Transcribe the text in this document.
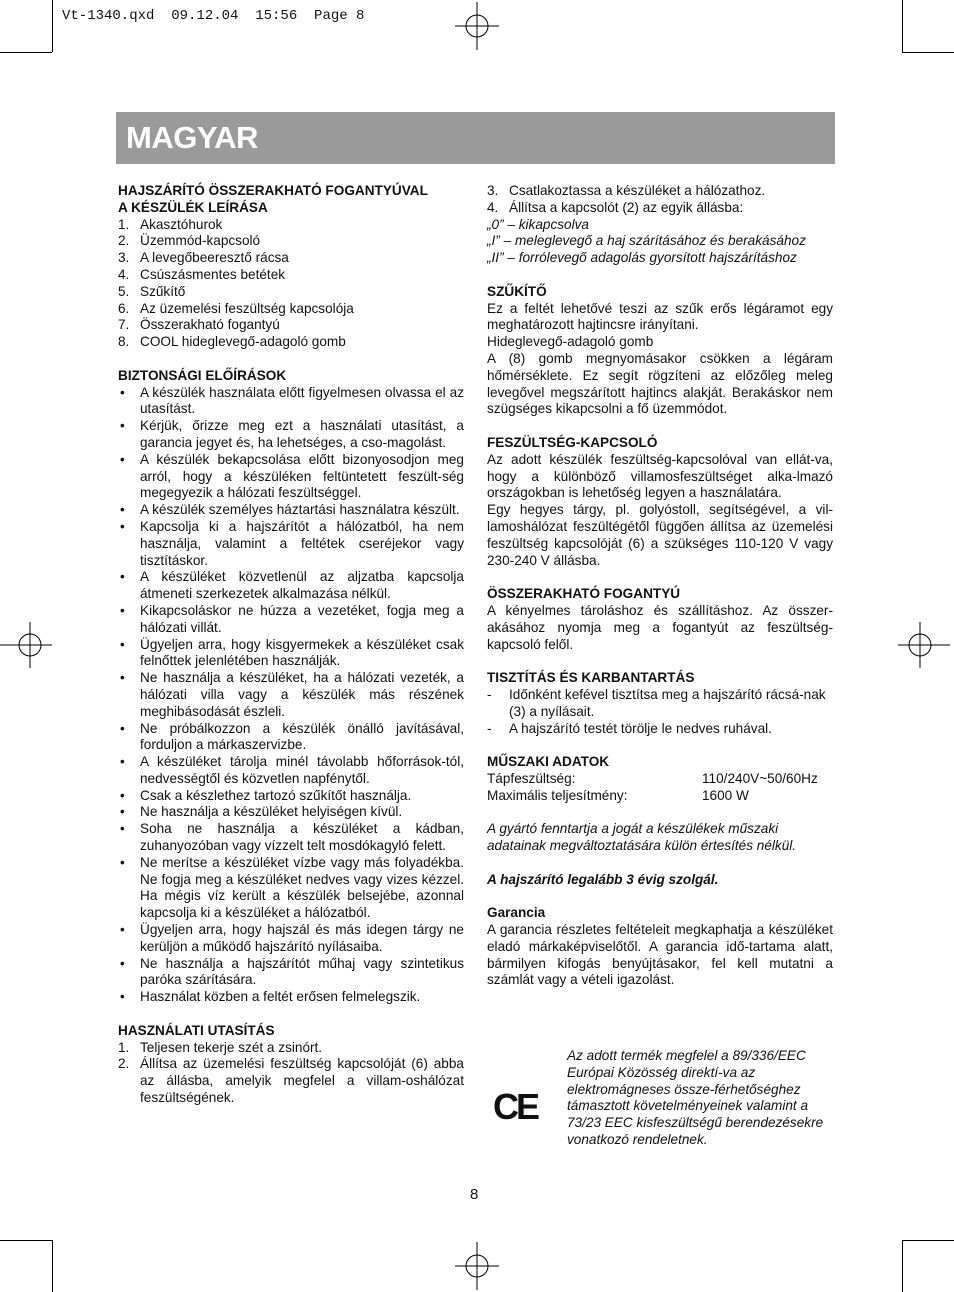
Vt-1340.qxd  09.12.04  15:56  Page 8
MAGYAR
HAJSZÁRÍTÓ ÖSSZERAKHATÓ FOGANTYÚVAL
A KÉSZÜLÉK LEÍRÁSA
1. Akasztóhurok
2. Üzemmód-kapcsoló
3. A levegőbeeresztő rácsa
4. Csúszásmentes betétek
5. Szűkítő
6. Az üzemelési feszültség kapcsolója
7. Összerakható fogantyú
8. COOL hideglevegő-adagoló gomb
BIZTONSÁGI ELŐÍRÁSOK
•	A készülék használata előtt figyelmesen olvassa el az utasítást.
•	Kérjük, őrizze meg ezt a használati utasítást, a garancia jegyet és, ha lehetséges, a cso-magolást.
•	A készülék bekapcsolása előtt bizonyosodjon meg arról, hogy a készüléken feltüntetett feszült-ség megegyezik a hálózati feszültséggel.
•	A készülék személyes háztartási használatra készült.
•	Kapcsolja ki a hajszárítót a hálózatból, ha nem használja, valamint a feltétek cseréjekor vagy tisztításkor.
•	A készüléket közvetlenül az aljzatba kapcsolja átmeneti szerkezetek alkalmazása nélkül.
•	Kikapcsoláskor ne húzza a vezetéket, fogja meg a hálózati villát.
•	Ügyeljen arra, hogy kisgyermekek a készüléket csak felnőttek jelenlétében használják.
•	Ne használja a készüléket, ha a hálózati vezeték, a hálózati villa vagy a készülék más részének meghibásodását észleli.
•	Ne próbálkozzon a készülék önálló javításával, forduljon a márkaszervizbe.
•	A készüléket tárolja minél távolabb hőforrások-tól, nedvességtől és közvetlen napfénytől.
•	Csak a készlethez tartozó szűkítőt használja.
•	Ne használja a készüléket helyiségen kívül.
•	Soha ne használja a készüléket a kádban, zuhanyozóban vagy vízzelt telt mosdókagyló felett.
•	Ne merítse a készüléket vízbe vagy más folyadékba. Ne fogja meg a készüléket nedves vagy vizes kézzel. Ha mégis víz került a készülék belsejébe, azonnal kapcsolja ki a készüléket a hálózatból.
•	Ügyeljen arra, hogy hajszál és más idegen tárgy ne kerüljön a működő hajszárító nyílásaiba.
•	Ne használja a hajszárítót műhaj vagy szintetikus paróka szárítására.
•	Használat közben a feltét erősen felmelegszik.
HASZNÁLATI UTASÍTÁS
1. Teljesen tekerje szét a zsinórt.
2. Állítsa az üzemelési feszültség kapcsolóját (6) abba az állásba, amelyik megfelel a villam-oshálózat feszültségének.
3. Csatlakoztassa a készüléket a hálózathoz.
4. Állítsa a kapcsolót (2) az egyik állásba:
„0” – kikapcsolva
„I” – meleglevegő a haj szárításához és berakásához
„II” – forrólevegő adagolás gyorsított hajszárításhoz
SZŰKÍTŐ
Ez a feltét lehetővé teszi az szűk erős légáramot egy meghatározott hajtincsre irányítani.
Hideglevegő-adagoló gomb
A (8) gomb megnyomásakor csökken a légáram hőmérséklete. Ez segít rögzíteni az előzőleg meleg levegővel megszárított hajtincs alakját. Berakáskor nem szügséges kikapcsolni a fő üzemmódot.
FESZÜLTSÉG-KAPCSOLÓ
Az adott készülék feszültség-kapcsolóval van ellát-va, hogy a különböző villamosfeszültséget alka-lmazó országokban is lehetőség legyen a használatára.
Egy hegyes tárgy, pl. golyóstoll, segítségével, a vil-lamoshálózat feszültégétől függően állítsa az üzemelési feszültség kapcsolóját (6) a szükséges 110-120 V vagy 230-240 V állásba.
ÖSSZERAKHATÓ FOGANTYÚ
A kényelmes tároláshoz és szállításhoz. Az összer-akásához nyomja meg a fogantyút az feszültség-kapcsoló felől.
TISZTÍTÁS ÉS KARBANTARTÁS
-	Időnként kefével tisztítsa meg a hajszárító rácsá-nak (3) a nyílásait.
-	A hajszárító testét törölje le nedves ruhával.
MŰSZAKI ADATOK
Tápfeszültség:	110/240V~50/60Hz
Maximális teljesítmény:	1600 W
A gyártó fenntartja a jogát a készülékek műszaki adatainak megváltoztatására külön értesítés nélkül.
A hajszárító legalább 3 évig szolgál.
Garancia
A garancia részletes feltételeit megkaphatja a készüléket eladó márkaképviselőtől. A garancia idő-tartama alatt, bármilyen kifogás benyújtásakor, fel kell mutatni a számlát vagy a vételi igazolást.
CE
Az adott termék megfelel a 89/336/EEC Európai Közösség direktí-va az elektromágneses össze-férhetőséghez támasztott követelményeinek valamint a 73/23 EEC kisfeszültségű berendezésekre vonatkozó rendeletnek.
8
